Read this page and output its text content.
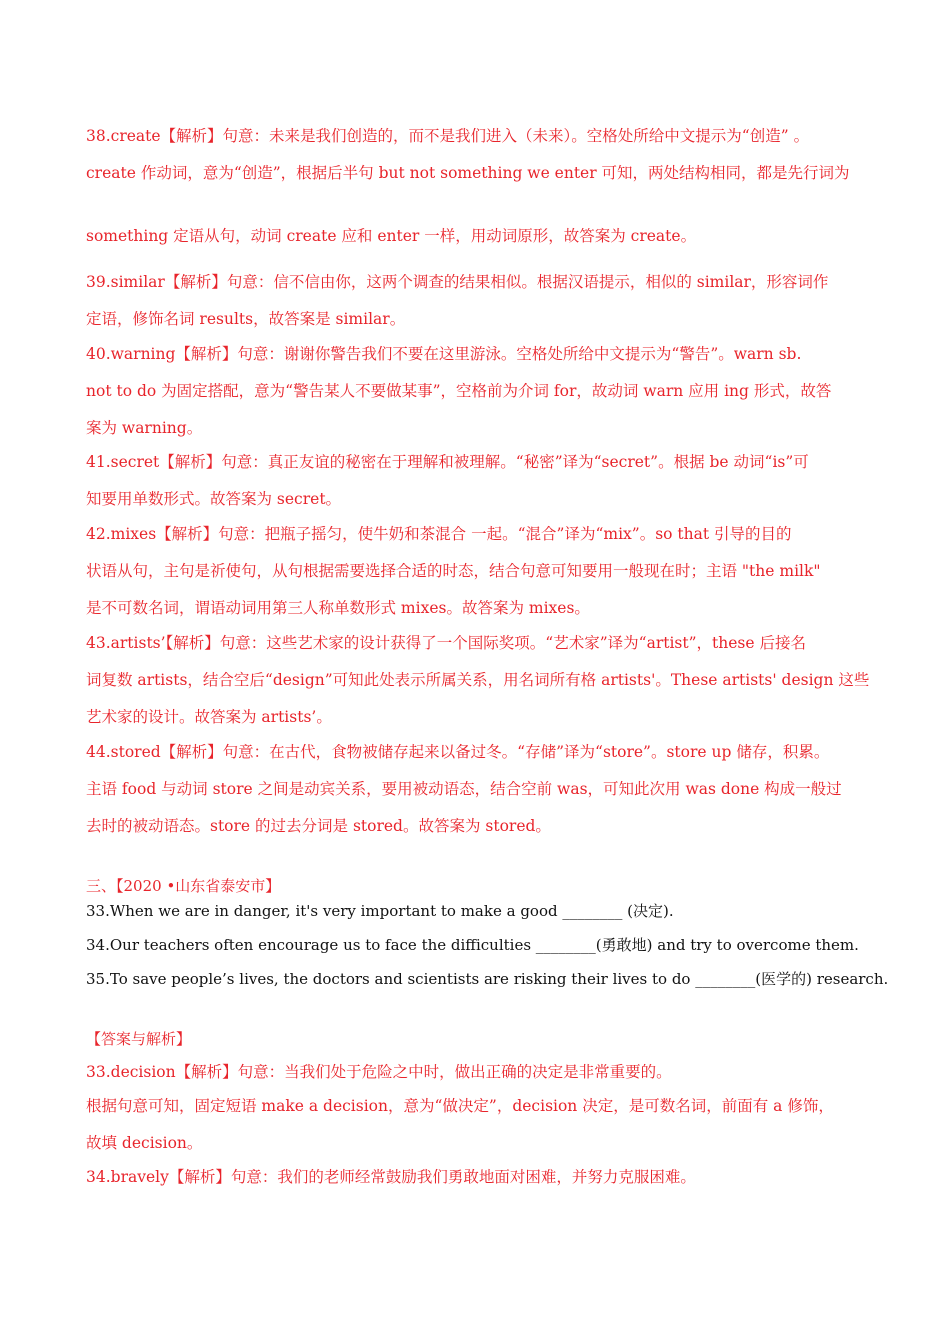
38.create【解析】句意：未来是我们创造的，而不是我们进入（未来）。空格处所给中文提示为“创造” 。
create 作动词，意为“创造”，根据后半句 but not something we enter 可知，两处结构相同，都是先行词为
something 定语从句，动词 create 应和 enter 一样，用动词原形，故答案为 create。
39.similar【解析】句意：信不信由你，这两个调查的结果相似。根据汉语提示，相似的 similar，形容词作
定语，修饰名词 results，故答案是 similar。
40.warning【解析】句意：谢谢你警告我们不要在这里游泳。空格处所给中文提示为“警告”。warn sb.
not to do 为固定搭配，意为“警告某人不要做某事”，空格前为介词 for，故动词 warn 应用 ing 形式，故答
案为 warning。
41.secret【解析】句意：真正友谊的秘密在于理解和被理解。“秘密”译为“secret”。根据 be 动词“is”可
知要用单数形式。故答案为 secret。
42.mixes【解析】句意：把瓶子摇匀，使牛奶和茶混合 一起。“混合”译为“mix”。so that 引导的目的
状语从句，主句是祈使句，从句根据需要选择合适的时态，结合句意可知要用一般现在时；主语 "the milk"
是不可数名词，谓语动词用第三人称单数形式 mixes。故答案为 mixes。
43.artists’【解析】句意：这些艺术家的设计获得了一个国际奖项。“艺术家”译为“artist”，these 后接名
词复数 artists，结合空后“design”可知此处表示所属关系，用名词所有格 artists'。These artists' design 这些
艺术家的设计。故答案为 artists’。
44.stored【解析】句意：在古代，食物被储存起来以备过冬。“存储”译为“store”。store up 储存，积累。
主语 food 与动词 store 之间是动宾关系，要用被动语态，结合空前 was，可知此次用 was done 构成一般过
去时的被动语态。store 的过去分词是 stored。故答案为 stored。
三、【2020 •山东省泰安市】
33.When we are in danger, it's very important to make a good ________ (决定).
34.Our teachers often encourage us to face the difficulties ________(勇敢地) and try to overcome them.
35.To save people’s lives, the doctors and scientists are risking their lives to do ________(医学的) research.
【答案与解析】
33.decision【解析】句意：当我们处于危险之中时，做出正确的决定是非常重要的。
根据句意可知，固定短语 make a decision，意为“做决定”，decision 决定，是可数名词，前面有 a 修饰，
故填 decision。
34.bravely【解析】句意：我们的老师经常鼓励我们勇敢地面对困难，并努力克服困难。
